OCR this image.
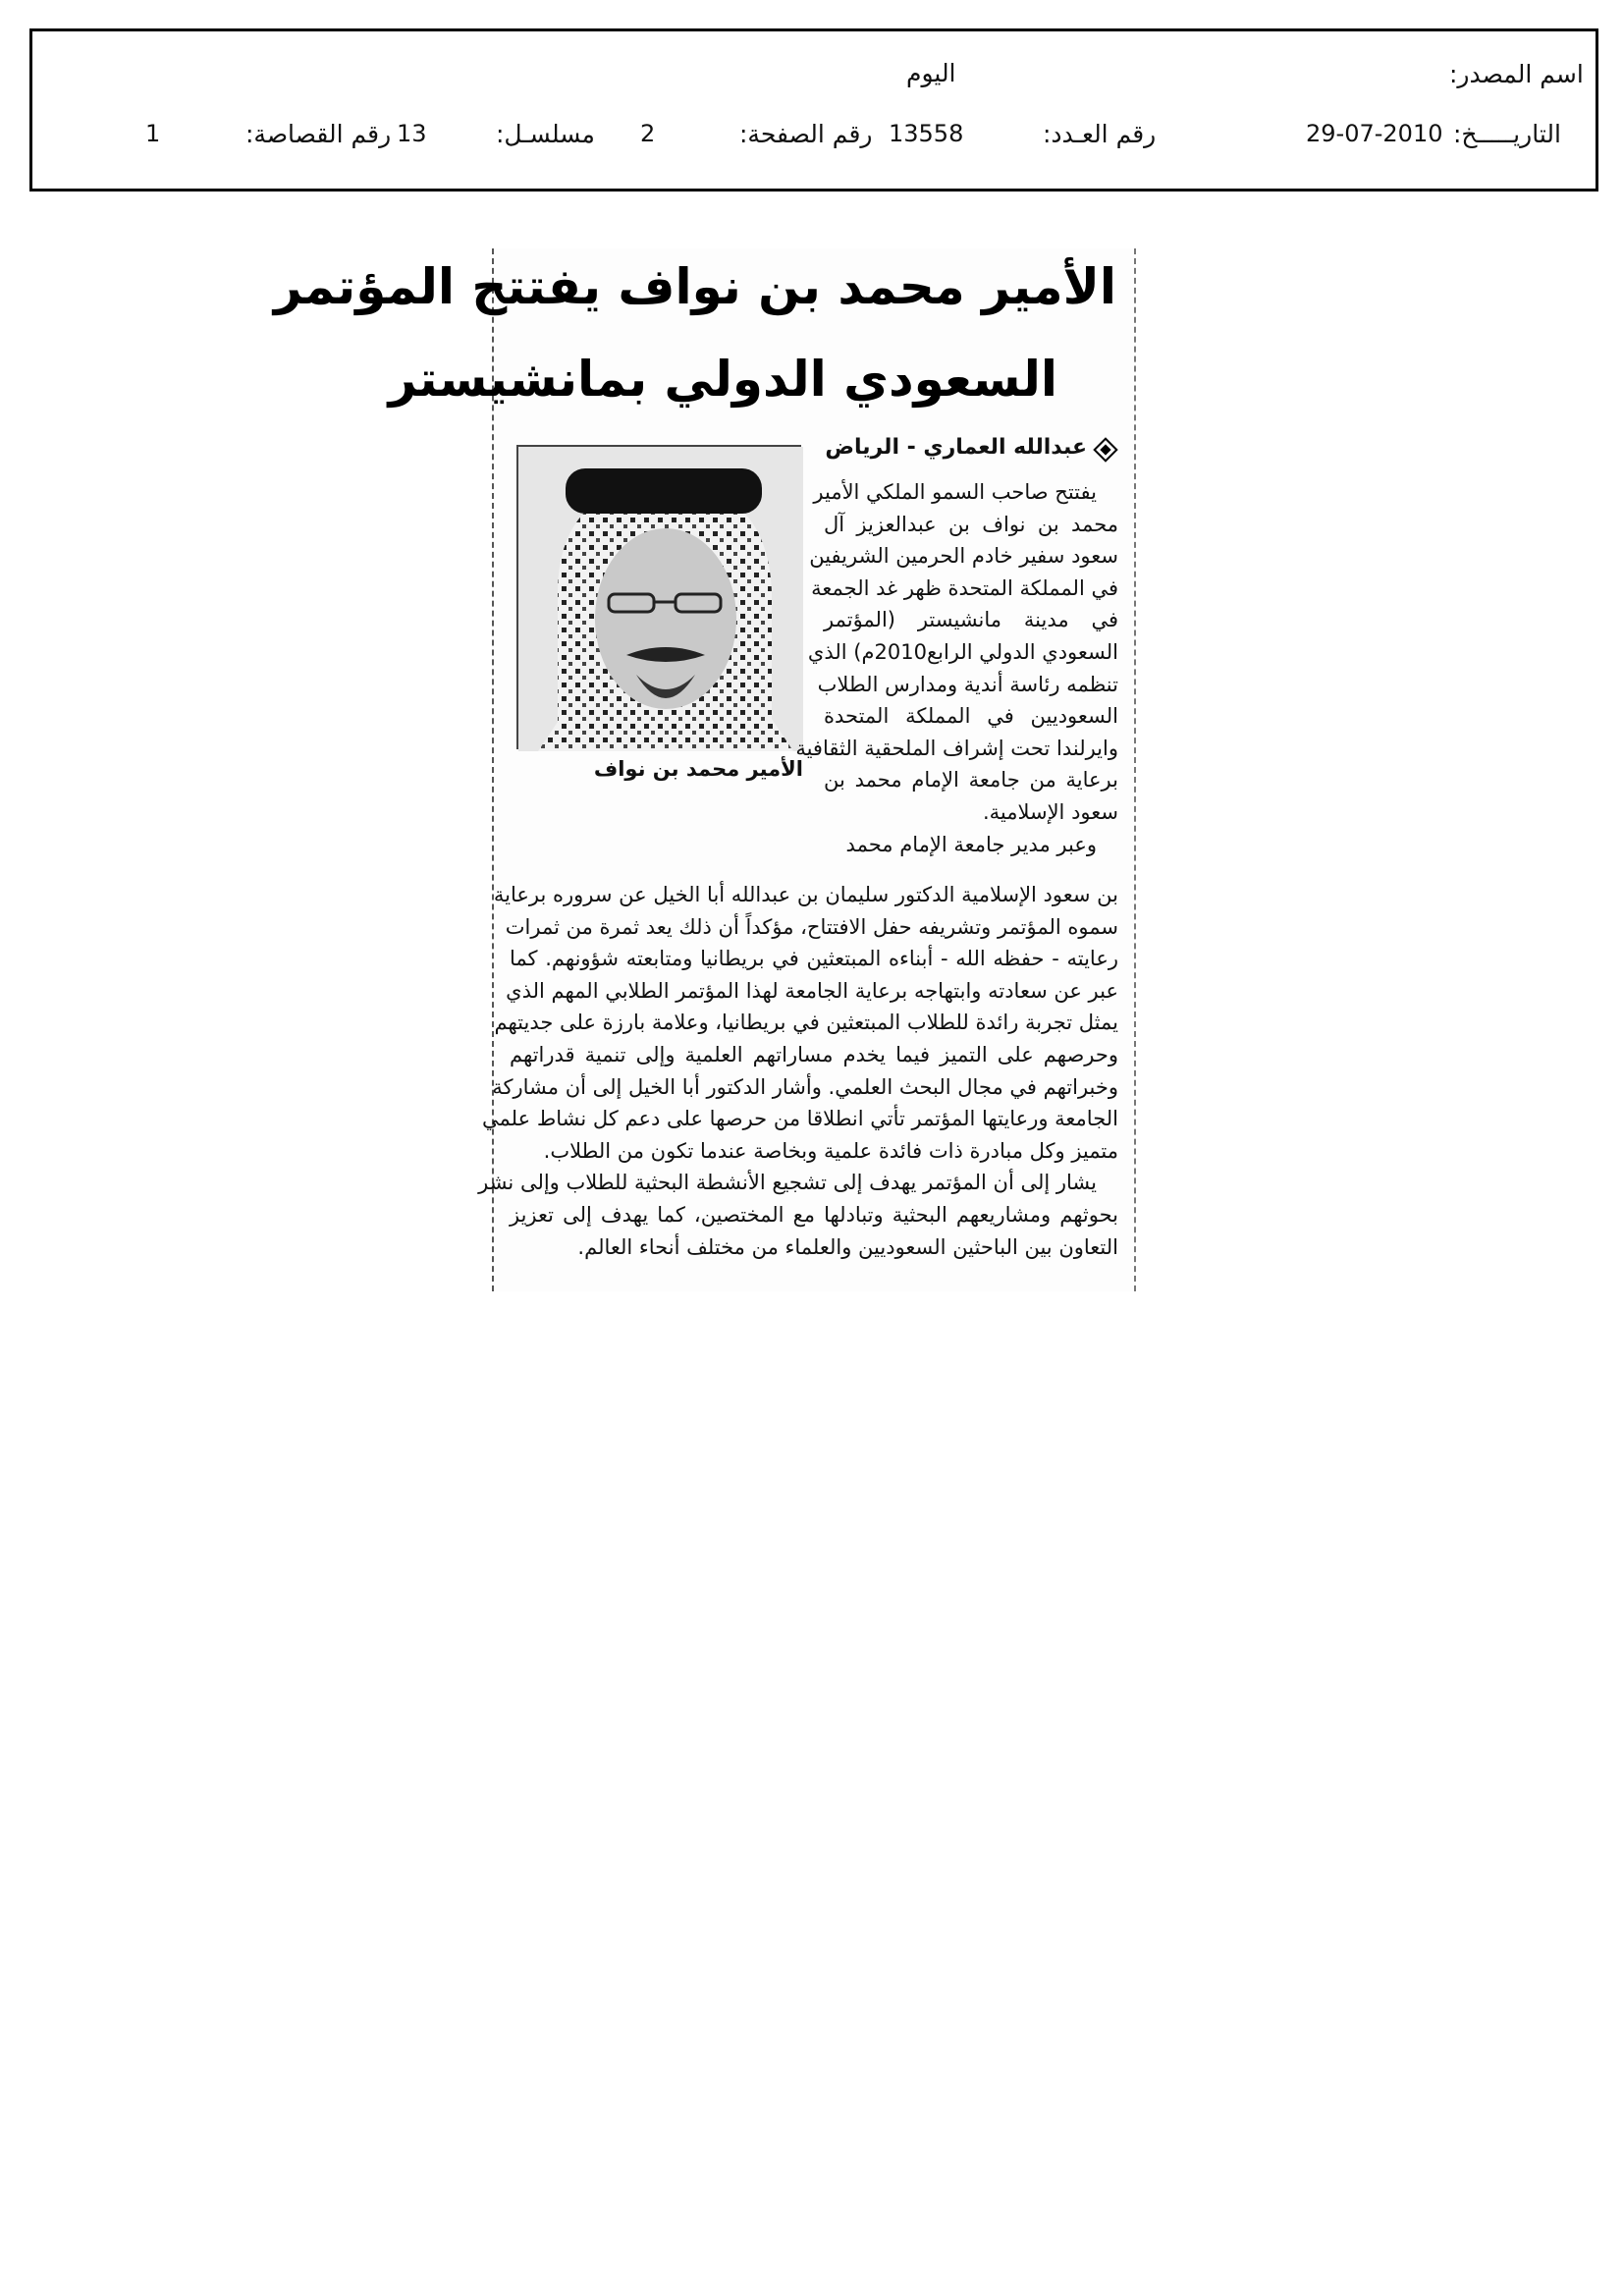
اسم المصدر:
اليوم
التاريـــــخ:
29-07-2010
رقم العـدد:
13558
رقم الصفحة:
2
مسلسـل:
13
رقم القصاصة:
1
الأمير محمد بن نواف يفتتح المؤتمر
السعودي الدولي بمانشيستر
عبدالله العماري - الرياض
الأمير محمد بن نواف
يفتتح صاحب السمو الملكي الأمير
محمد بن نواف بن عبدالعزيز آل
سعود سفير خادم الحرمين الشريفين
في المملكة المتحدة ظهر غد الجمعة
في مدينة مانشيستر (المؤتمر
السعودي الدولي الرابع2010م) الذي
تنظمه رئاسة أندية ومدارس الطلاب
السعوديين في المملكة المتحدة
وايرلندا تحت إشراف الملحقية الثقافية
برعاية من جامعة الإمام محمد بن
سعود الإسلامية.
وعبر مدير جامعة الإمام محمد
بن سعود الإسلامية الدكتور سليمان بن عبدالله أبا الخيل عن سروره برعاية
سموه المؤتمر وتشريفه حفل الافتتاح، مؤكداً أن ذلك يعد ثمرة من ثمرات
رعايته - حفظه الله - أبناءه المبتعثين في بريطانيا ومتابعته شؤونهم. كما
عبر عن سعادته وابتهاجه برعاية الجامعة لهذا المؤتمر الطلابي المهم الذي
يمثل تجربة رائدة للطلاب المبتعثين في بريطانيا، وعلامة بارزة على جديتهم
وحرصهم على التميز فيما يخدم مساراتهم العلمية وإلى تنمية قدراتهم
وخبراتهم في مجال البحث العلمي. وأشار الدكتور أبا الخيل إلى أن مشاركة
الجامعة ورعايتها المؤتمر تأتي انطلاقا من حرصها على دعم كل نشاط علمي
متميز وكل مبادرة ذات فائدة علمية وبخاصة عندما تكون من الطلاب.
يشار إلى أن المؤتمر يهدف إلى تشجيع الأنشطة البحثية للطلاب وإلى نشر
بحوثهم ومشاريعهم البحثية وتبادلها مع المختصين، كما يهدف إلى تعزيز
التعاون بين الباحثين السعوديين والعلماء من مختلف أنحاء العالم.
